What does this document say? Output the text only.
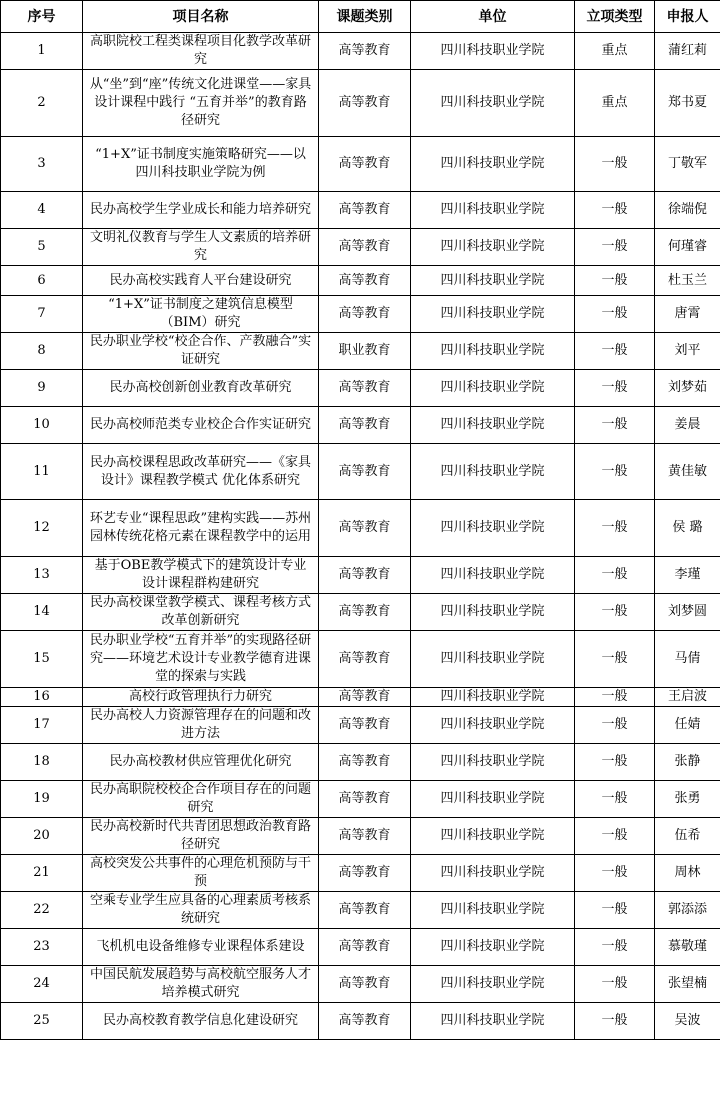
序号	项目名称	课题类别	单位	立项类型	申报人
1	高职院校工程类课程项目化教学改革研究	高等教育	四川科技职业学院	重点	蒲红莉
2	从“坐”到“座”传统文化进课堂——家具设计课程中践行 “五育并举”的教育路径研究	高等教育	四川科技职业学院	重点	郑书夏
3	“1+X”证书制度实施策略研究——以四川科技职业学院为例	高等教育	四川科技职业学院	一般	丁敬军
4	民办高校学生学业成长和能力培养研究	高等教育	四川科技职业学院	一般	徐端倪
5	文明礼仪教育与学生人文素质的培养研究	高等教育	四川科技职业学院	一般	何瑾睿
6	民办高校实践育人平台建设研究	高等教育	四川科技职业学院	一般	杜玉兰
7	“1+X”证书制度之建筑信息模型（BIM）研究	高等教育	四川科技职业学院	一般	唐霄
8	民办职业学校“校企合作、产教融合”实证研究	职业教育	四川科技职业学院	一般	刘平
9	民办高校创新创业教育改革研究	高等教育	四川科技职业学院	一般	刘梦茹
10	民办高校师范类专业校企合作实证研究	高等教育	四川科技职业学院	一般	姜晨
11	民办高校课程思政改革研究——《家具设计》课程教学模式 优化体系研究	高等教育	四川科技职业学院	一般	黄佳敏
12	环艺专业“课程思政”建构实践——苏州园林传统花格元素在课程教学中的运用	高等教育	四川科技职业学院	一般	侯 璐
13	基于OBE教学模式下的建筑设计专业设计课程群构建研究	高等教育	四川科技职业学院	一般	李瑾
14	民办高校课堂教学模式、课程考核方式改革创新研究	高等教育	四川科技职业学院	一般	刘梦圆
15	民办职业学校“五育并举”的实现路径研究——环境艺术设计专业教学德育进课堂的探索与实践	高等教育	四川科技职业学院	一般	马倩
16	高校行政管理执行力研究	高等教育	四川科技职业学院	一般	王启波
17	民办高校人力资源管理存在的问题和改进方法	高等教育	四川科技职业学院	一般	任婧
18	民办高校教材供应管理优化研究	高等教育	四川科技职业学院	一般	张静
19	民办高职院校校企合作项目存在的问题研究	高等教育	四川科技职业学院	一般	张勇
20	民办高校新时代共青团思想政治教育路径研究	高等教育	四川科技职业学院	一般	伍希
21	高校突发公共事件的心理危机预防与干预	高等教育	四川科技职业学院	一般	周林
22	空乘专业学生应具备的心理素质考核系统研究	高等教育	四川科技职业学院	一般	郭添添
23	飞机机电设备维修专业课程体系建设	高等教育	四川科技职业学院	一般	慕敬瑾
24	中国民航发展趋势与高校航空服务人才培养模式研究	高等教育	四川科技职业学院	一般	张望楠
25	民办高校教育教学信息化建设研究	高等教育	四川科技职业学院	一般	吴波
